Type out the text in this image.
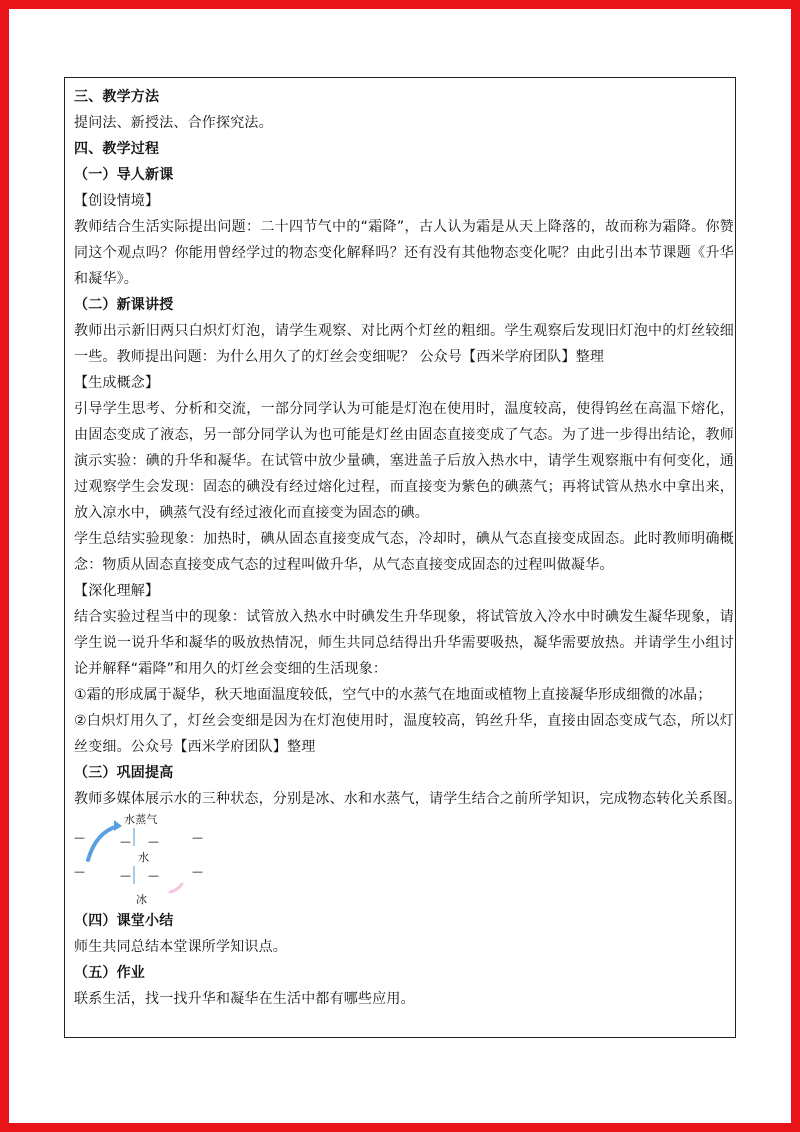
三、教学方法
提问法、新授法、合作探究法。
四、教学过程
（一）导人新课
【创设情境】
教师结合生活实际提出问题：二十四节气中的“霜降”，古人认为霜是从天上降落的，故而称为霜降。你赞同这个观点吗？你能用曾经学过的物态变化解释吗？还有没有其他物态变化呢？由此引出本节课题《升华和凝华》。
（二）新课讲授
教师出示新旧两只白炽灯灯泡，请学生观察、对比两个灯丝的粗细。学生观察后发现旧灯泡中的灯丝较细一些。教师提出问题：为什么用久了的灯丝会变细呢？ 公众号【西米学府团队】整理
【生成概念】
引导学生思考、分析和交流，一部分同学认为可能是灯泡在使用时，温度较高，使得钨丝在高温下熔化，由固态变成了液态，另一部分同学认为也可能是灯丝由固态直接变成了气态。为了进一步得出结论，教师演示实验：碘的升华和凝华。在试管中放少量碘，塞进盖子后放入热水中，请学生观察瓶中有何变化，通过观察学生会发现：固态的碘没有经过熔化过程，而直接变为紫色的碘蒸气；再将试管从热水中拿出来，放入凉水中，碘蒸气没有经过液化而直接变为固态的碘。
学生总结实验现象：加热时，碘从固态直接变成气态，冷却时，碘从气态直接变成固态。此时教师明确概念：物质从固态直接变成气态的过程叫做升华，从气态直接变成固态的过程叫做凝华。
【深化理解】
结合实验过程当中的现象：试管放入热水中时碘发生升华现象，将试管放入冷水中时碘发生凝华现象，请学生说一说升华和凝华的吸放热情况，师生共同总结得出升华需要吸热，凝华需要放热。并请学生小组讨论并解释“霜降”和用久的灯丝会变细的生活现象：
①霜的形成属于凝华，秋天地面温度较低，空气中的水蒸气在地面或植物上直接凝华形成细微的冰晶；
②白炽灯用久了，灯丝会变细是因为在灯泡使用时，温度较高，钨丝升华，直接由固态变成气态，所以灯丝变细。公众号【西米学府团队】整理
（三）巩固提高
教师多媒体展示水的三种状态，分别是冰、水和水蒸气，请学生结合之前所学知识，完成物态转化关系图。
水蒸气
水
冰
—
—
— —
— —
—
—
（四）课堂小结
师生共同总结本堂课所学知识点。
（五）作业
联系生活，找一找升华和凝华在生活中都有哪些应用。
